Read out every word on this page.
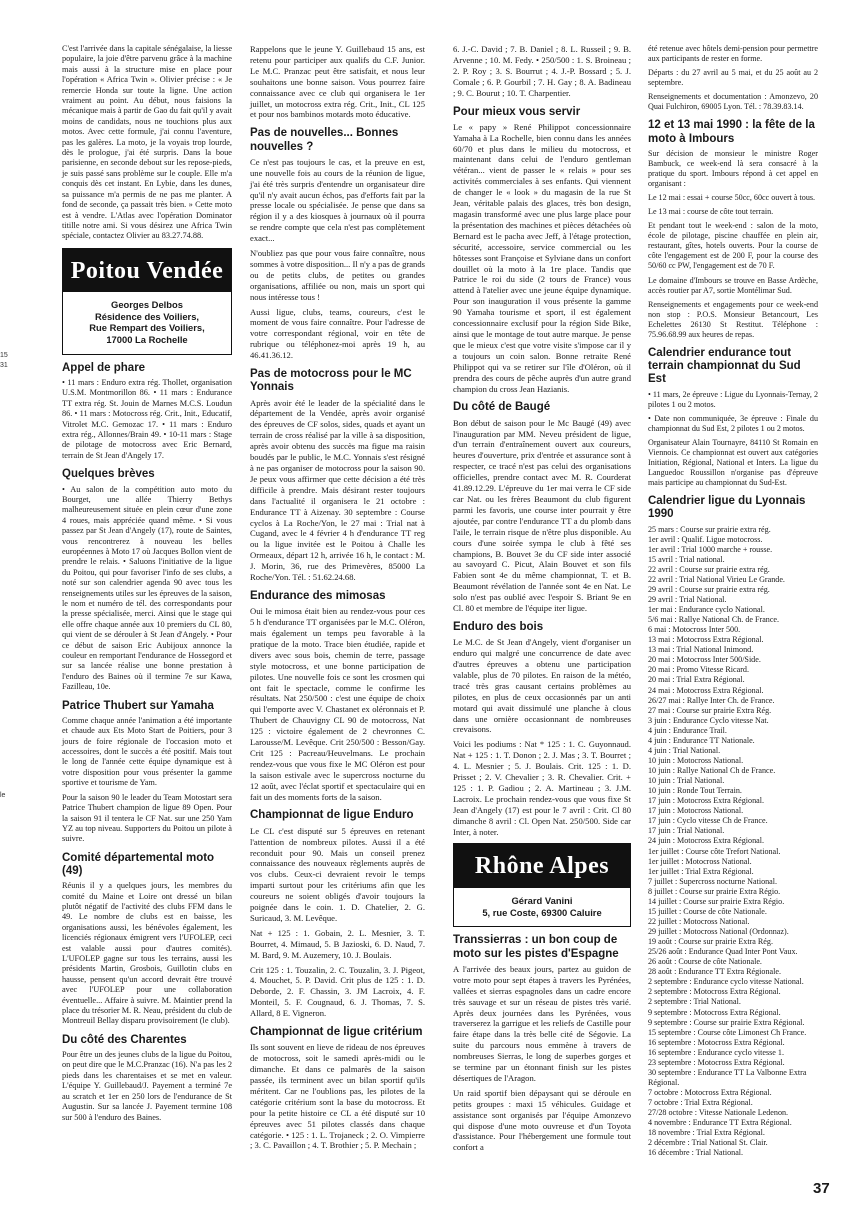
15
31
le

C'est l'arrivée dans la capitale sénégalaise, la liesse populaire, la joie d'être parvenu grâce à la machine mais aussi à la structure mise en place pour l'opération « Africa Twin ». Olivier précise : « Je remercie Honda sur toute la ligne. Une action vraiment au point. Au début, nous faisions la mécanique mais à partir de Gao du fait qu'il y avait moins de candidats, nous ne touchions plus aux motos. Avec cette formule, j'ai connu l'aventure, pas les galères. La moto, je la voyais trop lourde, dès le prologue, j'ai été surpris. Dans la boue parisienne, en seconde debout sur les repose-pieds, je suis passé sans problème sur le couple. Elle m'a conquis dès cet instant. En Lybie, dans les dunes, sa puissance m'a permis de ne pas me planter. A fond de seconde, ça passait très bien. » Cette moto est à vendre. L'Atlas avec l'opération Dominator titille notre ami. Si vous désirez une Africa Twin spéciale, contactez Olivier au 83.27.74.88.

Poitou Vendée
Georges Delbos
Résidence des Voiliers,
Rue Rempart des Voiliers,
17000 La Rochelle
Appel de phare

• 11 mars : Enduro extra rég. Thollet, organisation U.S.M. Montmorillon 86. • 11 mars : Endurance TT extra rég. St. Jouin de Marnes M.C.S. Loudun 86. • 11 mars : Motocross rég. Crit., Init., Educatif, Vitrolet M.C. Gemozac 17. • 11 mars : Enduro extra rég., Allonnes/Brain 49. • 10-11 mars : Stage de pilotage de motocross avec Eric Bernard, terrain de St Jean d'Angely 17.

Quelques brèves

• Au salon de la compétition auto moto du Bourget, une allée Thierry Bethys malheureusement située en plein cœur d'une zone 4 roues, mais appréciée quand même. • Si vous passez par St Jean d'Angely (17), route de Saintes, vous rencontrerez à nouveau les belles européennes à Moto 17 où Jacques Bollon vient de prendre le relais. • Saluons l'initiative de la ligue du Poitou, qui pour favoriser l'info de ses clubs, a noté sur son calendrier agenda 90 avec tous les renseignements utiles sur les épreuves de la saison, le nom et numéro de tél. des correspondants pour la presse spécialisée, merci. Ainsi que le stage qui elle offre chaque année aux 10 premiers du CL 80, qui vient de se dérouler à St Jean d'Angely. • Pour ce début de saison Eric Aubijoux annonce la couleur en remportant l'endurance de Hossegord et sur sa lancée réalise une bonne prestation à l'enduro des Baines où il termine 7e sur Kawa, Fazilleau, 10e.

Patrice Thubert sur Yamaha

Comme chaque année l'animation a été importante et chaude aux Ets Moto Start de Poitiers, pour 3 jours de foire régionale de l'occasion moto et accessoires, dont le succès a été positif. Mais tout le long de l'année cette équipe dynamique est à votre disposition pour vous présenter la gamme sportive et tourisme de Yam.

Pour la saison 90 le leader du Team Motostart sera Patrice Thubert champion de ligue 89 Open. Pour la saison 91 il tentera le CF Nat. sur une 250 Yam YZ au top niveau. Supporters du Poitou un pilote à suivre.

Comité départemental moto (49)

Réunis il y a quelques jours, les membres du comité du Maine et Loire ont dressé un bilan plutôt négatif de l'activité des clubs FFM dans le 49. Le nombre de clubs est en baisse, les organisations aussi, les bénévoles également, les licenciés régionaux émigrent vers l'UFOLEP, ceci est valable aussi pour d'autres comités). L'UFOLEP gagne sur tous les terrains, aussi les présidents Martin, Grosbois, Guillotin clubs en hausse, pensent qu'un accord devrait être trouvé avec l'UFOLEP pour une collaboration éventuelle... Affaire à suivre. M. Maintier prend la place du trésorier M. R. Neau, président du club de Montreuil Bellay disparu provisoirement (le club).

Du côté des Charentes

Pour être un des jeunes clubs de la ligue du Poitou, on peut dire que le M.C.Pranzac (16). N'a pas les 2 pieds dans les charentaises et se met en valeur. L'équipe Y. Guillebaud/J. Payement a terminé 7e au scratch et 1er en 250 lors de l'endurance de St Augustin. Sur sa lancée J. Payement termine 108 sur 500 à l'enduro des Baines.

Rappelons que le jeune Y. Guillebaud 15 ans, est retenu pour participer aux qualifs du C.F. Junior. Le M.C. Pranzac peut être satisfait, et nous leur souhaitons une bonne saison. Vous pourrez faire connaissance avec ce club qui organisera le 1er juillet, un motocross extra rég. Crit., Init., CL 125 et pour nos bambinos motards moto éducative.

Pas de nouvelles... Bonnes nouvelles ?

Ce n'est pas toujours le cas, et la preuve en est, une nouvelle fois au cours de la réunion de ligue, j'ai été très surpris d'entendre un organisateur dire qu'il n'y avait aucun échos, pas d'efforts fait par la presse locale ou spécialisée. Je pense que dans sa région il y a des kiosques à journaux où il pourra se rendre compte que cela n'est pas complètement exact...

N'oubliez pas que pour vous faire connaître, nous sommes à votre disposition... Il n'y a pas de grands ou de petits clubs, de petites ou grandes organisations, affiliée ou non, mais un sport qui nous intéresse tous !

Aussi ligue, clubs, teams, coureurs, c'est le moment de vous faire connaître. Pour l'adresse de votre correspondant régional, voir en tête de rubrique ou téléphonez-moi après 19 h, au 46.41.36.12.

Pas de motocross pour le MC Yonnais

Après avoir été le leader de la spécialité dans le département de la Vendée, après avoir organisé des épreuves de CF solos, sides, quads et ayant un terrain de cross réalisé par la ville à sa disposition, après avoir obtenu des succès ma figue ma raisin boudés par le public, le M.C. Yonnais s'est résigné à ne pas organiser de motocross pour la saison 90. Je peux vous affirmer que cette décision a été très difficile à prendre. Mais désirant rester toujours dans l'actualité il organisera le 21 octobre : Endurance TT à Aizenay. 30 septembre : Course cyclos à La Roche/Yon, le 27 mai : Trial nat à Cugand, avec le 4 février 4 h d'endurance TT reg ou la ligue invitée est le Poitou à Challe les Ormeaux, départ 12 h, arrivée 16 h, le contact : M. J. Morin, 36, rue des Primevères, 85000 La Roche/Yon. Tél. : 51.62.24.68.

Endurance des mimosas

Oui le mimosa était bien au rendez-vous pour ces 5 h d'endurance TT organisées par le M.C. Oléron, mais également un temps peu favorable à la pratique de la moto. Trace bien étudiée, rapide et divers avec sous bois, chemin de terre, passage style motocross, et une bonne participation de pilotes. Une nouvelle fois ce sont les crosmen qui ont fait le spectacle, comme le confirme les résultats. Nat 250/500 : c'est une équipe de choix qui l'emporte avec V. Chastanet ex oléronnais et P. Thubert de Chauvigny CL 90 de motocross, Nat 125 : victoire également de 2 chevronnes C. Larousse/M. Levêque. Crit 250/500 : Besson/Gay. Crit 125 : Pacreau/Heuvelmans. Le prochain rendez-vous que vous fixe le MC Oléron est pour la saison estivale avec le supercross nocturne du 12 août, avec l'éclat sportif et spectaculaire qui en fait un des moments forts de la saison.

Championnat de ligue Enduro

Le CL c'est disputé sur 5 épreuves en retenant l'attention de nombreux pilotes. Aussi il a été reconduit pour 90. Mais un conseil prenez connaissance des nouveaux règlements auprès de vos clubs. Ceux-ci devraient revoir le temps imparti surtout pour les critériums afin que les coureurs ne soient obligés d'avoir toujours la poignée dans le coin. 1. D. Chatelier, 2. G. Suricaud, 3. M. Levêque.

Nat + 125 : 1. Gobain, 2. L. Mesnier, 3. T. Bourret, 4. Mimaud, 5. B Jazioski, 6. D. Naud, 7. M. Bard, 9. M. Auzemery, 10. J. Boulais.

Crit 125 : 1. Touzalin, 2. C. Touzalin, 3. J. Pigeot, 4. Mouchet, 5. P. David. Crit plus de 125 : 1. D. Deborde, 2. F. Chassin, 3. JM Lacroix, 4. F. Monteil, 5. F. Cougnaud, 6. J. Thomas, 7. S. Allard, 8 E. Vigneron.

Championnat de ligue critérium

Ils sont souvent en lieve de rideau de nos épreuves de motocross, soit le samedi après-midi ou le dimanche. Et dans ce palmarès de la saison passée, ils terminent avec un bilan sportif qu'ils méritent. Car ne l'oublions pas, les pilotes de la catégorie critérium sont la base du motocross. Et pour la petite histoire ce CL a été disputé sur 10 épreuves avec 51 pilotes classés dans chaque catégorie. • 125 : 1. L. Trojaneck ; 2. O. Vimpierre ; 3. C. Pavaillon ; 4. T. Brothier ; 5. P. Mechain ;

6. J.-C. David ; 7. B. Daniel ; 8. L. Russeil ; 9. B. Arvenne ; 10. M. Fedy. • 250/500 : 1. S. Broineau ; 2. P. Roy ; 3. S. Bourrut ; 4. J.-P. Bossard ; 5. J. Comale ; 6. P. Gourbil ; 7. H. Gay ; 8. A. Badineau ; 9. C. Bourut ; 10. T. Charpentier.

Pour mieux vous servir

Le « papy » René Philippot concessionnaire Yamaha à La Rochelle, bien connu dans les années 60/70 et plus dans le milieu du motocross, et maintenant dans celui de l'enduro gentleman vétéran... vient de passer le « relais » pour ses activités commerciales à ses enfants. Qui viennent de changer le « look » du magasin de la rue St Jean, véritable palais des glaces, très bon design, magasin transformé avec une plus large place pour la présentation des machines et pièces détachées où Bernard est le pacha avec Jeff, à l'étage protection, sécurité, accessoire, service commercial ou les hôtesses sont Françoise et Sylviane dans un confort douillet où la moto à la 1re place. Tandis que Patrice le roi du side (2 tours de France) vous attend à l'atelier avec une jeune équipe dynamique. Pour son inauguration il vous présente la gamme 90 Yamaha tourisme et sport, il est également concessionnaire exclusif pour la région Side Bike, ainsi que le montage de tout autre marque. Je pense que le mieux c'est que votre visite s'impose car il y a toujours un coin salon. Bonne retraite René Philippot qui va se retirer sur l'île d'Oléron, où il prendra des cours de pêche auprès d'un autre grand champion du cross Jean Hazianis.

Du côté de Baugé

Bon début de saison pour le Mc Baugé (49) avec l'inauguration par MM. Neveu président de ligue, d'un terrain d'entraînement ouvert aux coureurs, heures d'ouverture, prix d'entrée et assurance sont à respecter, ce tracé n'est pas celui des organisations officielles, prendre contact avec M. R. Courderat 41.89.12.29. L'épreuve du 1er mai verra le CF side car Nat. ou les frères Beaumont du club figurent parmi les favoris, une course inter pourrait y être ajoutée, par contre l'endurance TT a du plomb dans l'aile, le terrain risque de n'être plus disponible. Au cours d'une soirée sympa le club à fêté ses champions, B. Bouvet 3e du CF side inter associé au savoyard C. Picut, Alain Bouvet et son fils Fabien sont 4e du même championnat, T. et B. Beaumont révélation de l'année sont 4e en Nat. Le solo n'est pas oublié avec l'espoir S. Briant 9e en Cl. 80 et membre de l'équipe iter ligue.

Enduro des bois

Le M.C. de St Jean d'Angely, vient d'organiser un enduro qui malgré une concurrence de date avec d'autres épreuves a obtenu une participation valable, plus de 70 pilotes. En raison de la météo, tracé très gras causant certains problèmes au pilotes, en plus de ceux occasionnés par un anti motard qui avait dissimulé une planche à clous dans une ornière occasionnant de nombreuses crevaisons.

Voici les podiums : Nat * 125 : 1. C. Guyonnaud. Nat + 125 : 1. T. Donon ; 2. J. Mas ; 3. T. Bourret ; 4. L. Mesnier ; 5. J. Boulais. Crit. 125 : 1. D. Prisset ; 2. V. Chevalier ; 3. R. Chevalier. Crit. + 125 : 1. P. Gadiou ; 2. A. Martineau ; 3. J.M. Lacroix. Le prochain rendez-vous que vous fixe St Jean d'Angely (17) est pour le 7 avril : Crit. Cl 80 dimanche 8 avril : Cl. Open Nat. 250/500. Side car Inter, à noter.

Rhône Alpes
Gérard Vanini
5, rue Coste, 69300 Caluire
Transsierras : un bon coup de moto sur les pistes d'Espagne

A l'arrivée des beaux jours, partez au guidon de votre moto pour sept étapes à travers les Pyrénées, vallées et sierras espagnoles dans un cadre encore très sauvage et sur un réseau de pistes très varié. Après deux journées dans les Pyrénées, vous traverserez la garrigue et les reliefs de Castille pour faire étape dans la très belle cité de Ségovie. La suite du parcours nous emmène à travers de nombreuses Sierras, le long de superbes gorges et se termine par un étonnant finish sur les pistes désertiques de l'Aragon.

Un raid sportif bien dépaysant qui se déroule en petits groupes : maxi 15 véhicules. Guidage et assistance sont organisés par l'équipe Amonzevo qui dispose d'une moto ouvreuse et d'un Toyota d'assistance. Pour l'hébergement une formule tout confort a

été retenue avec hôtels demi-pension pour permettre aux participants de rester en forme.

Départs : du 27 avril au 5 mai, et du 25 août au 2 septembre.

Renseignements et documentation : Amonzevo, 20 Quai Fulchiron, 69005 Lyon. Tél. : 78.39.83.14.

12 et 13 mai 1990 : la fête de la moto à Imbours

Sur décision de monsieur le ministre Roger Bambuck, ce week-end là sera consacré à la pratique du sport. Imbours répond à cet appel en organisant :

Le 12 mai : essai + course 50cc, 60cc ouvert à tous.

Le 13 mai : course de côte tout terrain.

Et pendant tout le week-end : salon de la moto, école de pilotage, piscine chauffée en plein air, restaurant, gîtes, hotels ouverts. Pour la course de côte l'engagement est de 200 F, pour la course des 50/60 cc PW, l'engagement est de 70 F.

Le domaine d'Imbours se trouve en Basse Ardèche, accès routier par A7, sortie Montélimar Sud.

Renseignements et engagements pour ce week-end non stop : P.O.S. Monsieur Betancourt, Les Echelettes 26130 St Restitut. Téléphone : 75.96.68.99 aux heures de repas.

Calendrier endurance tout terrain championnat du Sud Est

• 11 mars, 2e épreuve : Ligue du Lyonnais-Ternay, 2 pilotes 1 ou 2 motos.

• Date non communiquée, 3e épreuve : Finale du championnat du Sud Est, 2 pilotes 1 ou 2 motos.

Organisateur Alain Tournayre, 84110 St Romain en Viennois. Ce championnat est ouvert aux catégories Initiation, Régional, National et Inters. La ligue du Languedoc Roussillon n'organise pas d'épreuve mais participe au championnat du Sud-Est.

Calendrier ligue du Lyonnais 1990
25 mars : Course sur prairie extra rég.
1er avril : Qualif. Ligue motocross.
1er avril : Trial 1000 marche + rousse.
15 avril : Trial national.
22 avril : Course sur prairie extra rég.
22 avril : Trial National Virieu Le Grande.
29 avril : Course sur prairie extra rég.
29 avril : Trial National.
1er mai : Endurance cyclo National.
5/6 mai : Rallye National Ch. de France.
6 mai : Motocross Inter 500.
13 mai : Motocross Extra Régional.
13 mai : Trial National Inimond.
20 mai : Motocross Inter 500/Side.
20 mai : Promo Vitesse Ricard.
20 mai : Trial Extra Régional.
24 mai : Motocross Extra Régional.
26/27 mai : Rallye Inter Ch. de France.
27 mai : Course sur prairie Extra Rég.
3 juin : Endurance Cyclo vitesse Nat.
4 juin : Endurance Trail.
4 juin : Endurance TT Nationale.
4 juin : Trial National.
10 juin : Motocross National.
10 juin : Rallye National Ch de France.
10 juin : Trial National.
10 juin : Ronde Tout Terrain.
17 juin : Motocross Extra Régional.
17 juin : Motocross National.
17 juin : Cyclo vitesse Ch de France.
17 juin : Trial National.
24 juin : Motocross Extra Régional.
1er juillet : Course côte Trefort National.
1er juillet : Motocross National.
1er juillet : Trial Extra Régional.
7 juillet : Supercross nocturne National.
8 juillet : Course sur prairie Extra Régio.
14 juillet : Course sur prairie Extra Régio.
15 juillet : Course de côte Nationale.
22 juillet : Motocross National.
29 juillet : Motocross National (Ordonnaz).
19 août : Course sur prairie Extra Rég.
25/26 août : Endurance Quad Inter Pont Vaux.
26 août : Course de côte Nationale.
28 août : Endurance TT Extra Régionale.
2 septembre : Endurance cyclo vitesse National.
2 septembre : Motocross Extra Régional.
2 septembre : Trial National.
9 septembre : Motocross Extra Régional.
9 septembre : Course sur prairie Extra Régional.
15 septembre : Course côte Limonest Ch France.
16 septembre : Motocross Extra Régional.
16 septembre : Endurance cyclo vitesse 1.
23 septembre : Motocross Extra Régional.
30 septembre : Endurance TT La Valbonne Extra Régional.
7 octobre : Motocross Extra Régional.
7 octobre : Trial Extra Régional.
27/28 octobre : Vitesse Nationale Ledenon.
4 novembre : Endurance TT Extra Régional.
18 novembre : Trial Extra Régional.
2 décembre : Trial National St. Clair.
16 décembre : Trial National.
37
